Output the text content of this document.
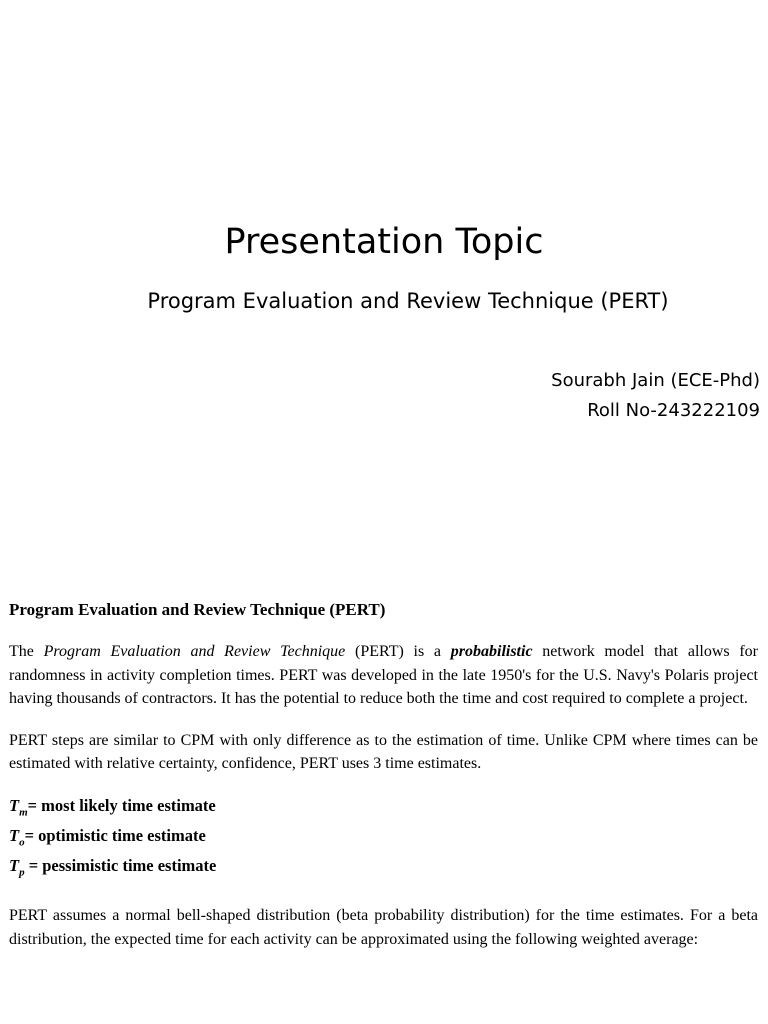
Presentation Topic
Program Evaluation and Review Technique (PERT)
Sourabh Jain (ECE-Phd)
Roll No-243222109
Program Evaluation and Review Technique (PERT)

The Program Evaluation and Review Technique (PERT) is a probabilistic network model that allows for randomness in activity completion times. PERT was developed in the late 1950's for the U.S. Navy's Polaris project having thousands of contractors. It has the potential to reduce both the time and cost required to complete a project.

PERT steps are similar to CPM with only difference as to the estimation of time. Unlike CPM where times can be estimated with relative certainty, confidence, PERT uses 3 time estimates.

$T_m=$ most likely time estimate
$T_o=$ optimistic time estimate
$T_p$ = pessimistic time estimate

PERT assumes a normal bell-shaped distribution (beta probability distribution) for the time estimates. For a beta distribution, the expected time for each activity can be approximated using the following weighted average:
